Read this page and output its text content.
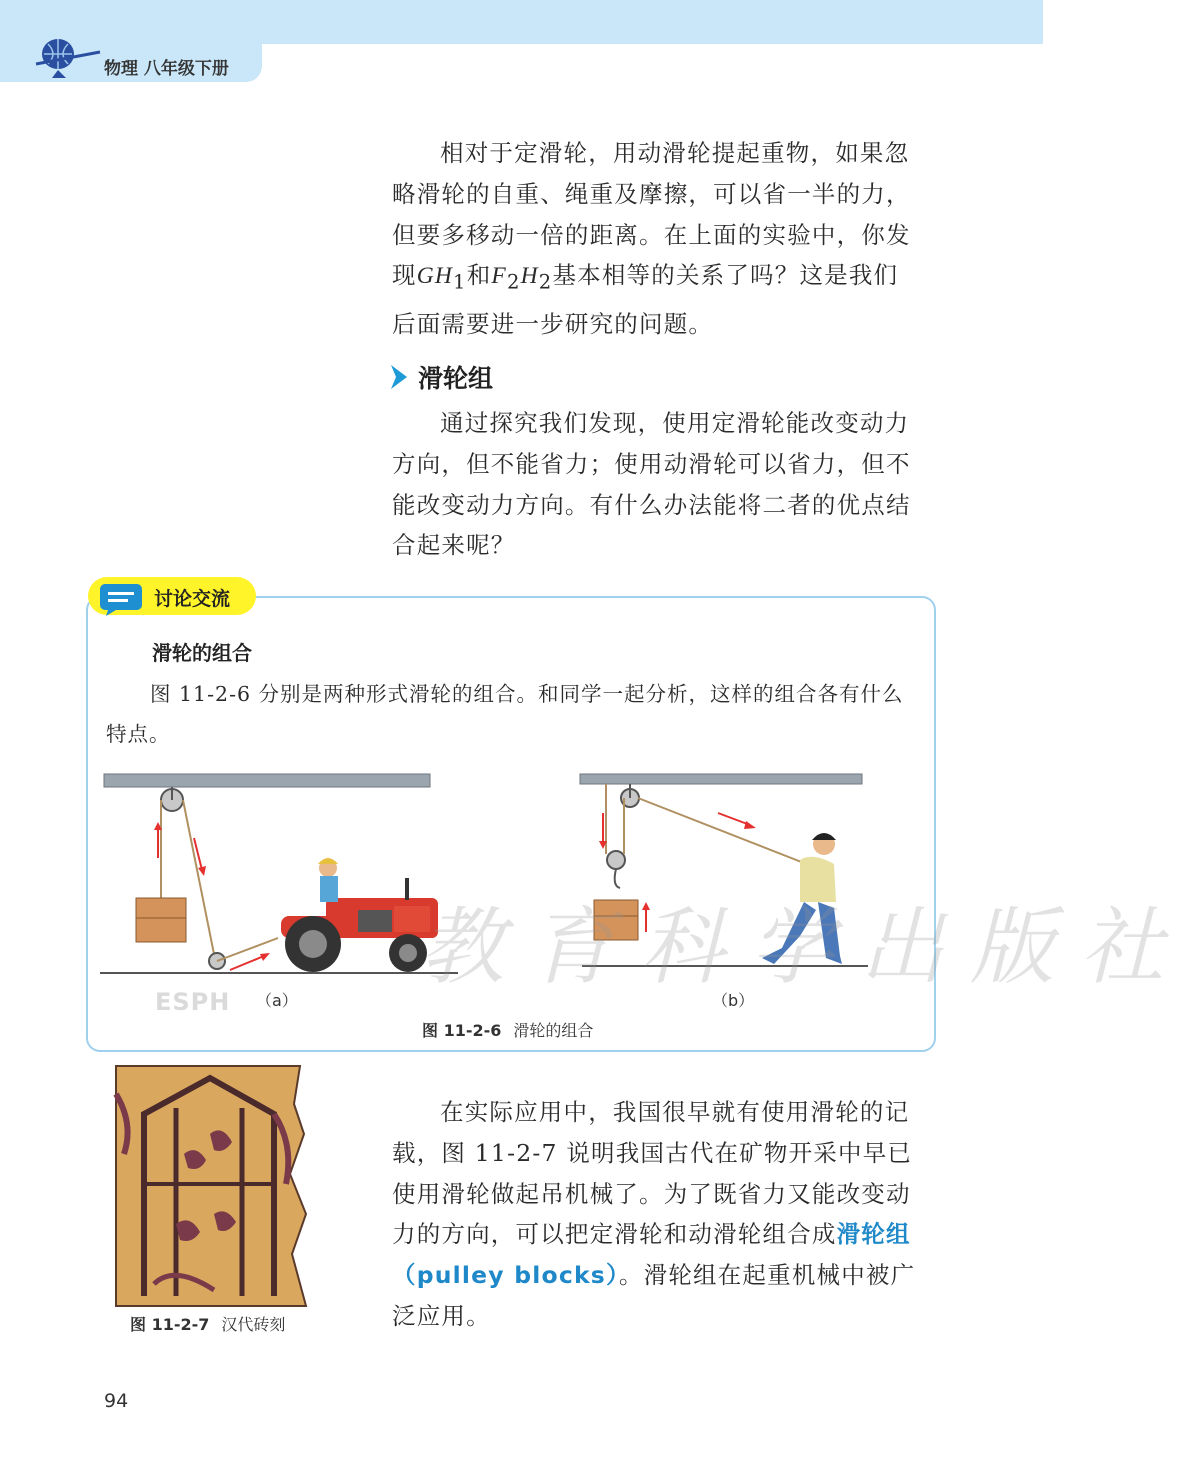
物理 八年级下册

相对于定滑轮，用动滑轮提起重物，如果忽略滑轮的自重、绳重及摩擦，可以省一半的力，但要多移动一倍的距离。在上面的实验中，你发现$GH_1$和$F_2H_2$基本相等的关系了吗？这是我们后面需要进一步研究的问题。

滑轮组

通过探究我们发现，使用定滑轮能改变动力方向，但不能省力；使用动滑轮可以省力，但不能改变动力方向。有什么办法能将二者的优点结合起来呢？

讨论交流
滑轮的组合

图 11-2-6 分别是两种形式滑轮的组合。和同学一起分析，这样的组合各有什么特点。

（a）	（b）
教育科学出版社
ESPH
图 11-2-6 滑轮的组合
图 11-2-7 汉代砖刻

在实际应用中，我国很早就有使用滑轮的记载，图 11-2-7 说明我国古代在矿物开采中早已使用滑轮做起吊机械了。为了既省力又能改变动力的方向，可以把定滑轮和动滑轮组合成滑轮组（pulley blocks）。滑轮组在起重机械中被广泛应用。

94
